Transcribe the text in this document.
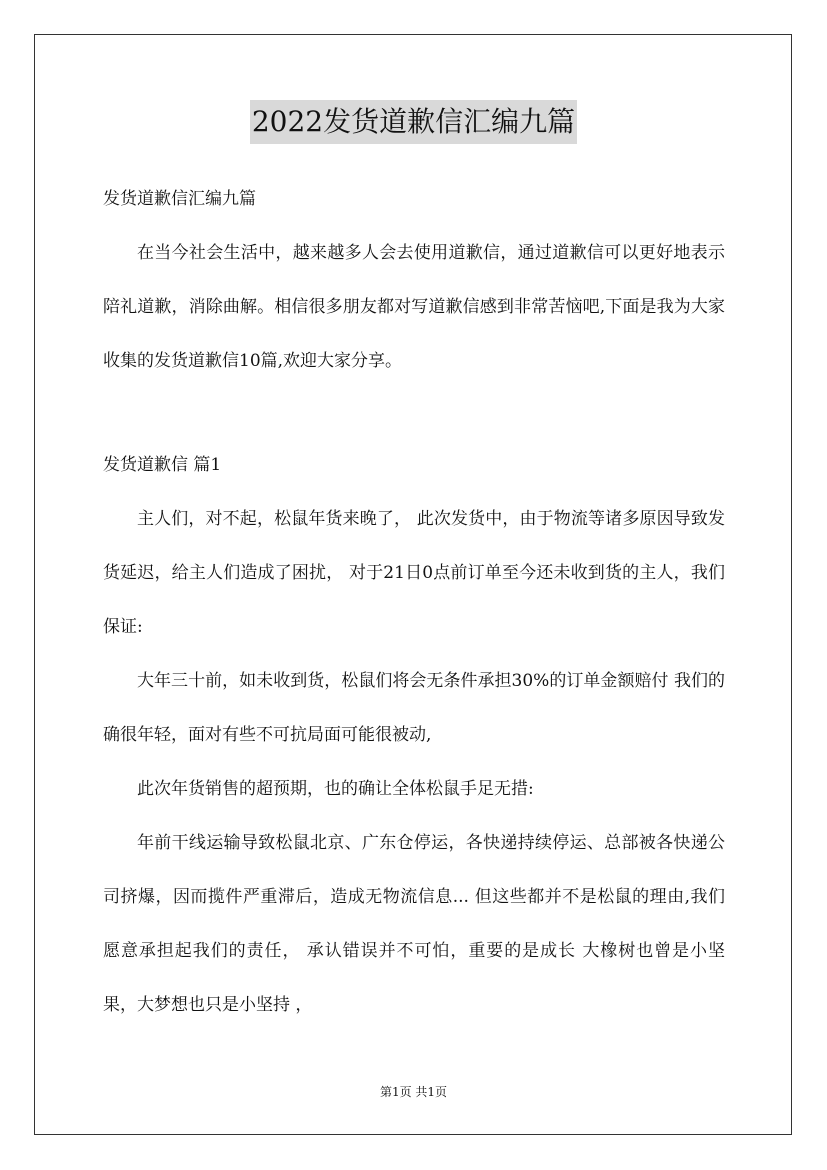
2022发货道歉信汇编九篇

发货道歉信汇编九篇

在当今社会生活中，越来越多人会去使用道歉信，通过道歉信可以更好地表示陪礼道歉，消除曲解。相信很多朋友都对写道歉信感到非常苦恼吧,下面是我为大家收集的发货道歉信10篇,欢迎大家分享。

发货道歉信 篇1

主人们，对不起，松鼠年货来晚了， 此次发货中，由于物流等诸多原因导致发货延迟，给主人们造成了困扰， 对于21日0点前订单至今还未收到货的主人，我们保证:

大年三十前，如未收到货，松鼠们将会无条件承担30%的订单金额赔付 我们的确很年轻，面对有些不可抗局面可能很被动,

此次年货销售的超预期，也的确让全体松鼠手足无措:

年前干线运输导致松鼠北京、广东仓停运，各快递持续停运、总部被各快递公司挤爆，因而揽件严重滞后，造成无物流信息... 但这些都并不是松鼠的理由,我们愿意承担起我们的责任， 承认错误并不可怕，重要的是成长 大橡树也曾是小坚果，大梦想也只是小坚持 ，

第1页 共1页
